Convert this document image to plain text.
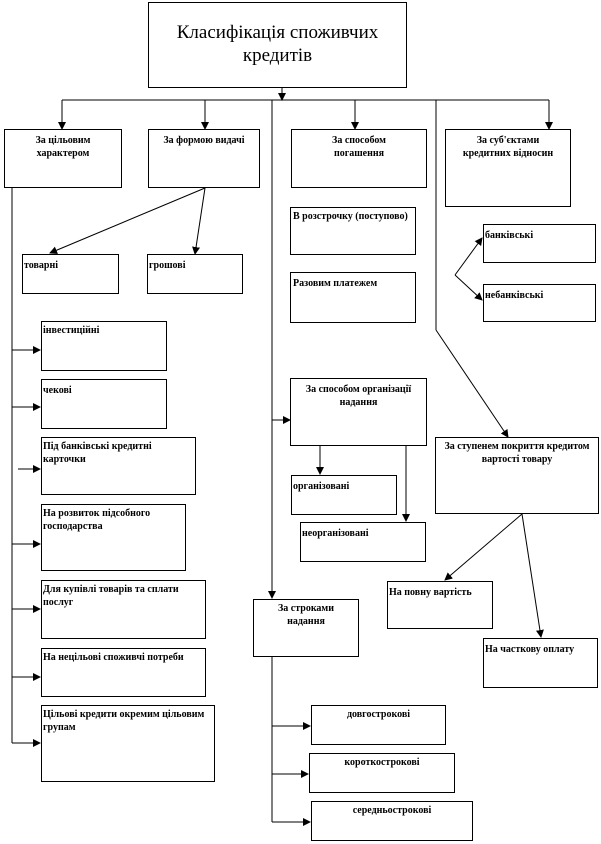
Класифікація споживчих кредитів
За цільовим характером
За формою видачі	За способом погашення
За суб'єктами кредитних відносин
товарні	грошові
В розстрочку (поступово)
Разовим платежем
банківські
небанківські
інвестиційні
чекові
Під банківські кредитні карточки
На розвиток підсобного господарства
Для купівлі товарів та сплати послуг
На нецільові споживчі потреби
Цільові кредити окремим цільовим групам
За способом організації надання
організовані
неорганізовані
За ступенем покриття кредитом вартості товару
На повну вартість
На часткову оплату
За строками надання
довгострокові
короткострокові
середньострокові
